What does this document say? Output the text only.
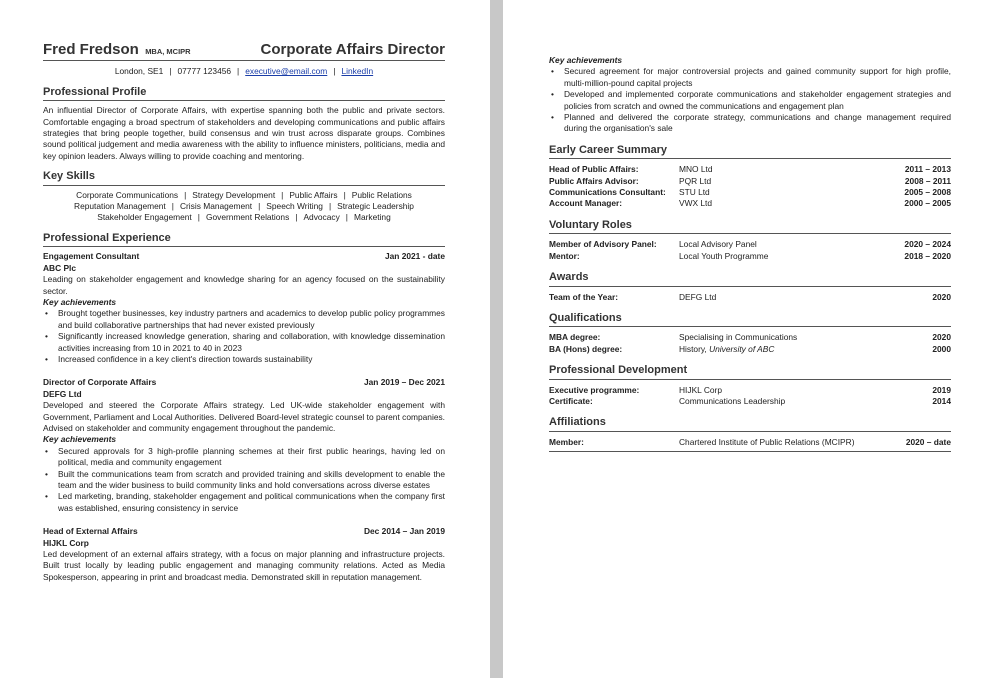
Fred Fredson MBA, MCIPR	Corporate Affairs Director
London, SE1 | 07777 123456 | executive@email.com | LinkedIn
Professional Profile

An influential Director of Corporate Affairs, with expertise spanning both the public and private sectors. Comfortable engaging a broad spectrum of stakeholders and developing communications and public affairs strategies that bring people together, build consensus and win trust across disparate groups. Combines sound political judgement and media awareness with the ability to influence ministers, politicians, media and key opinion leaders. Always willing to provide coaching and mentoring.

Key Skills
Corporate Communications | Strategy Development | Public Affairs | Public Relations
Reputation Management | Crisis Management | Speech Writing | Strategic Leadership
Stakeholder Engagement | Government Relations | Advocacy | Marketing
Professional Experience
Engagement Consultant	Jan 2021 - date
ABC Plc

Leading on stakeholder engagement and knowledge sharing for an agency focused on the sustainability sector.

Key achievements
• Brought together businesses, key industry partners and academics to develop public policy programmes and build collaborative partnerships that had never existed previously
• Significantly increased knowledge generation, sharing and collaboration, with knowledge dissemination activities increasing from 10 in 2021 to 40 in 2023
• Increased confidence in a key client's direction towards sustainability
Director of Corporate Affairs	Jan 2019 – Dec 2021
DEFG Ltd

Developed and steered the Corporate Affairs strategy. Led UK-wide stakeholder engagement with Government, Parliament and Local Authorities. Delivered Board-level strategic counsel to parent companies. Advised on stakeholder and community engagement throughout the pandemic.

Key achievements
• Secured approvals for 3 high-profile planning schemes at their first public hearings, having led on political, media and community engagement
• Built the communications team from scratch and provided training and skills development to enable the team and the wider business to build community links and hold conversations across diverse estates
• Led marketing, branding, stakeholder engagement and political communications when the company first was established, ensuring consistency in service
Head of External Affairs	Dec 2014 – Jan 2019
HIJKL Corp

Led development of an external affairs strategy, with a focus on major planning and infrastructure projects. Built trust locally by leading public engagement and managing community relations. Acted as Media Spokesperson, appearing in print and broadcast media. Demonstrated skill in reputation management.

Key achievements
• Secured agreement for major controversial projects and gained community support for high profile, multi-million-pound capital projects
• Developed and implemented corporate communications and stakeholder engagement strategies and policies from scratch and owned the communications and engagement plan
• Planned and delivered the corporate strategy, communications and change management required during the organisation's sale
Early Career Summary
Head of Public Affairs:	MNO Ltd	2011 – 2013
Public Affairs Advisor:	PQR Ltd	2008 – 2011
Communications Consultant:	STU Ltd	2005 – 2008
Account Manager:	VWX Ltd	2000 – 2005
Voluntary Roles
Member of Advisory Panel:	Local Advisory Panel	2020 – 2024
Mentor:	Local Youth Programme	2018 – 2020
Awards
Team of the Year:	DEFG Ltd	2020
Qualifications
MBA degree:	Specialising in Communications	2020
BA (Hons) degree:	History, University of ABC	2000
Professional Development
Executive programme:	HIJKL Corp	2019
Certificate:	Communications Leadership	2014
Affiliations
Member:	Chartered Institute of Public Relations (MCIPR)	2020 – date
